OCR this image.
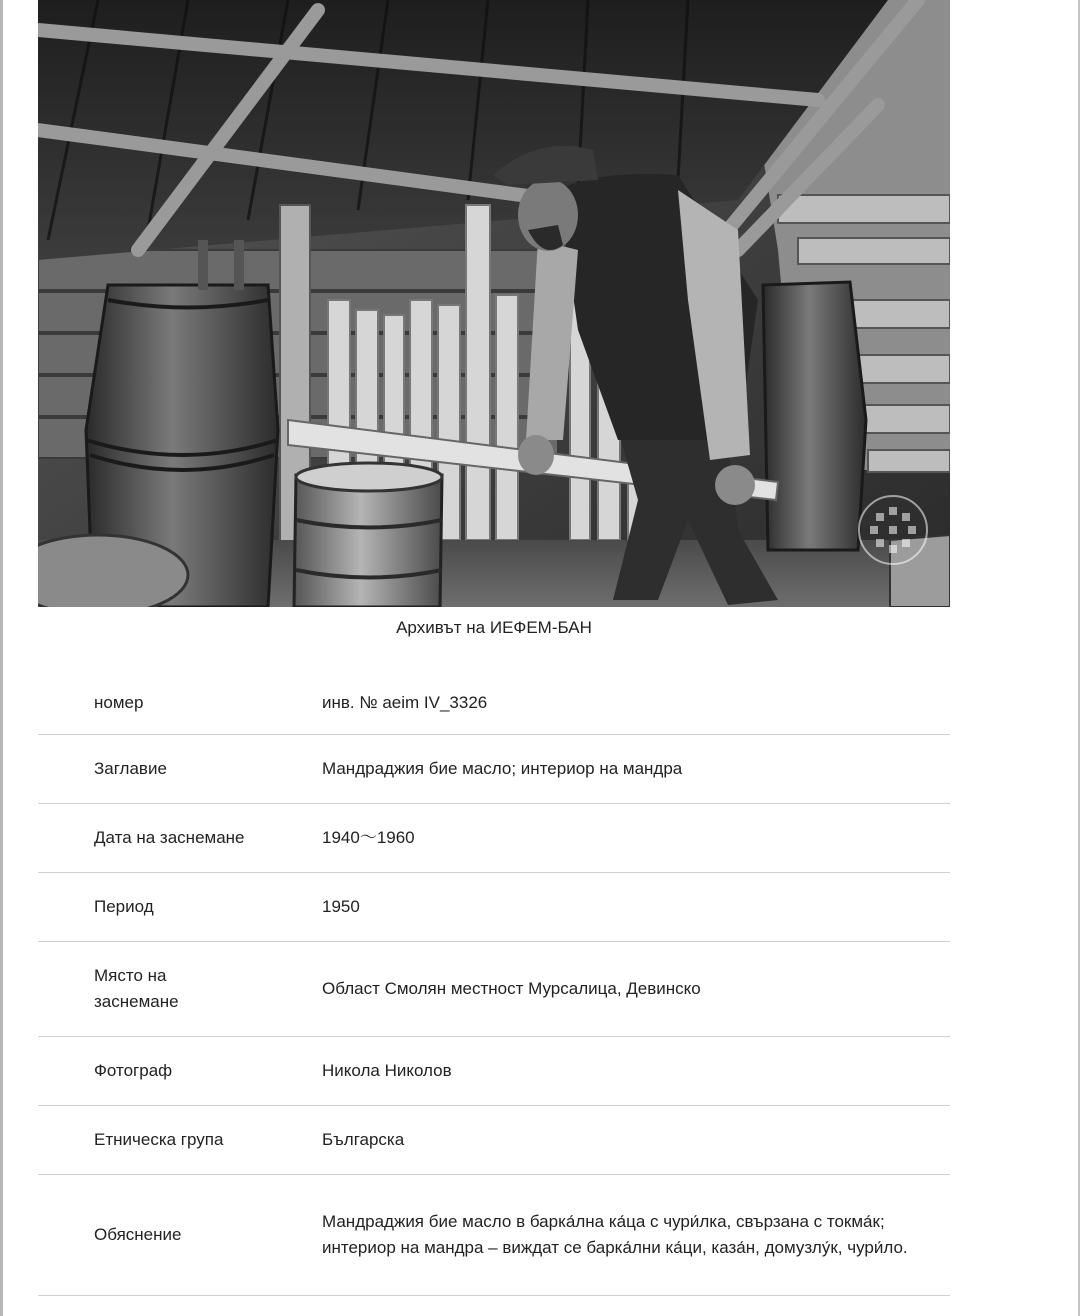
Архивът на ИЕФЕМ-БАН
номер	инв. № aeim IV_3326
Заглавие	Мандраджия бие масло; интериор на мандра
Дата на заснемане	1940〜1960
Период	1950
Място на заснемане	Област Смолян местност Мурсалица, Девинско
Фотограф	Никола Николов
Етническа група	Българска
Обяснение	Мандраджия бие масло в барка́лна ка́ца с чури́лка, свързана с токма́к; интериор на мандра – виждат се барка́лни ка́ци, каза́н, домузлу́к, чури́ло.
